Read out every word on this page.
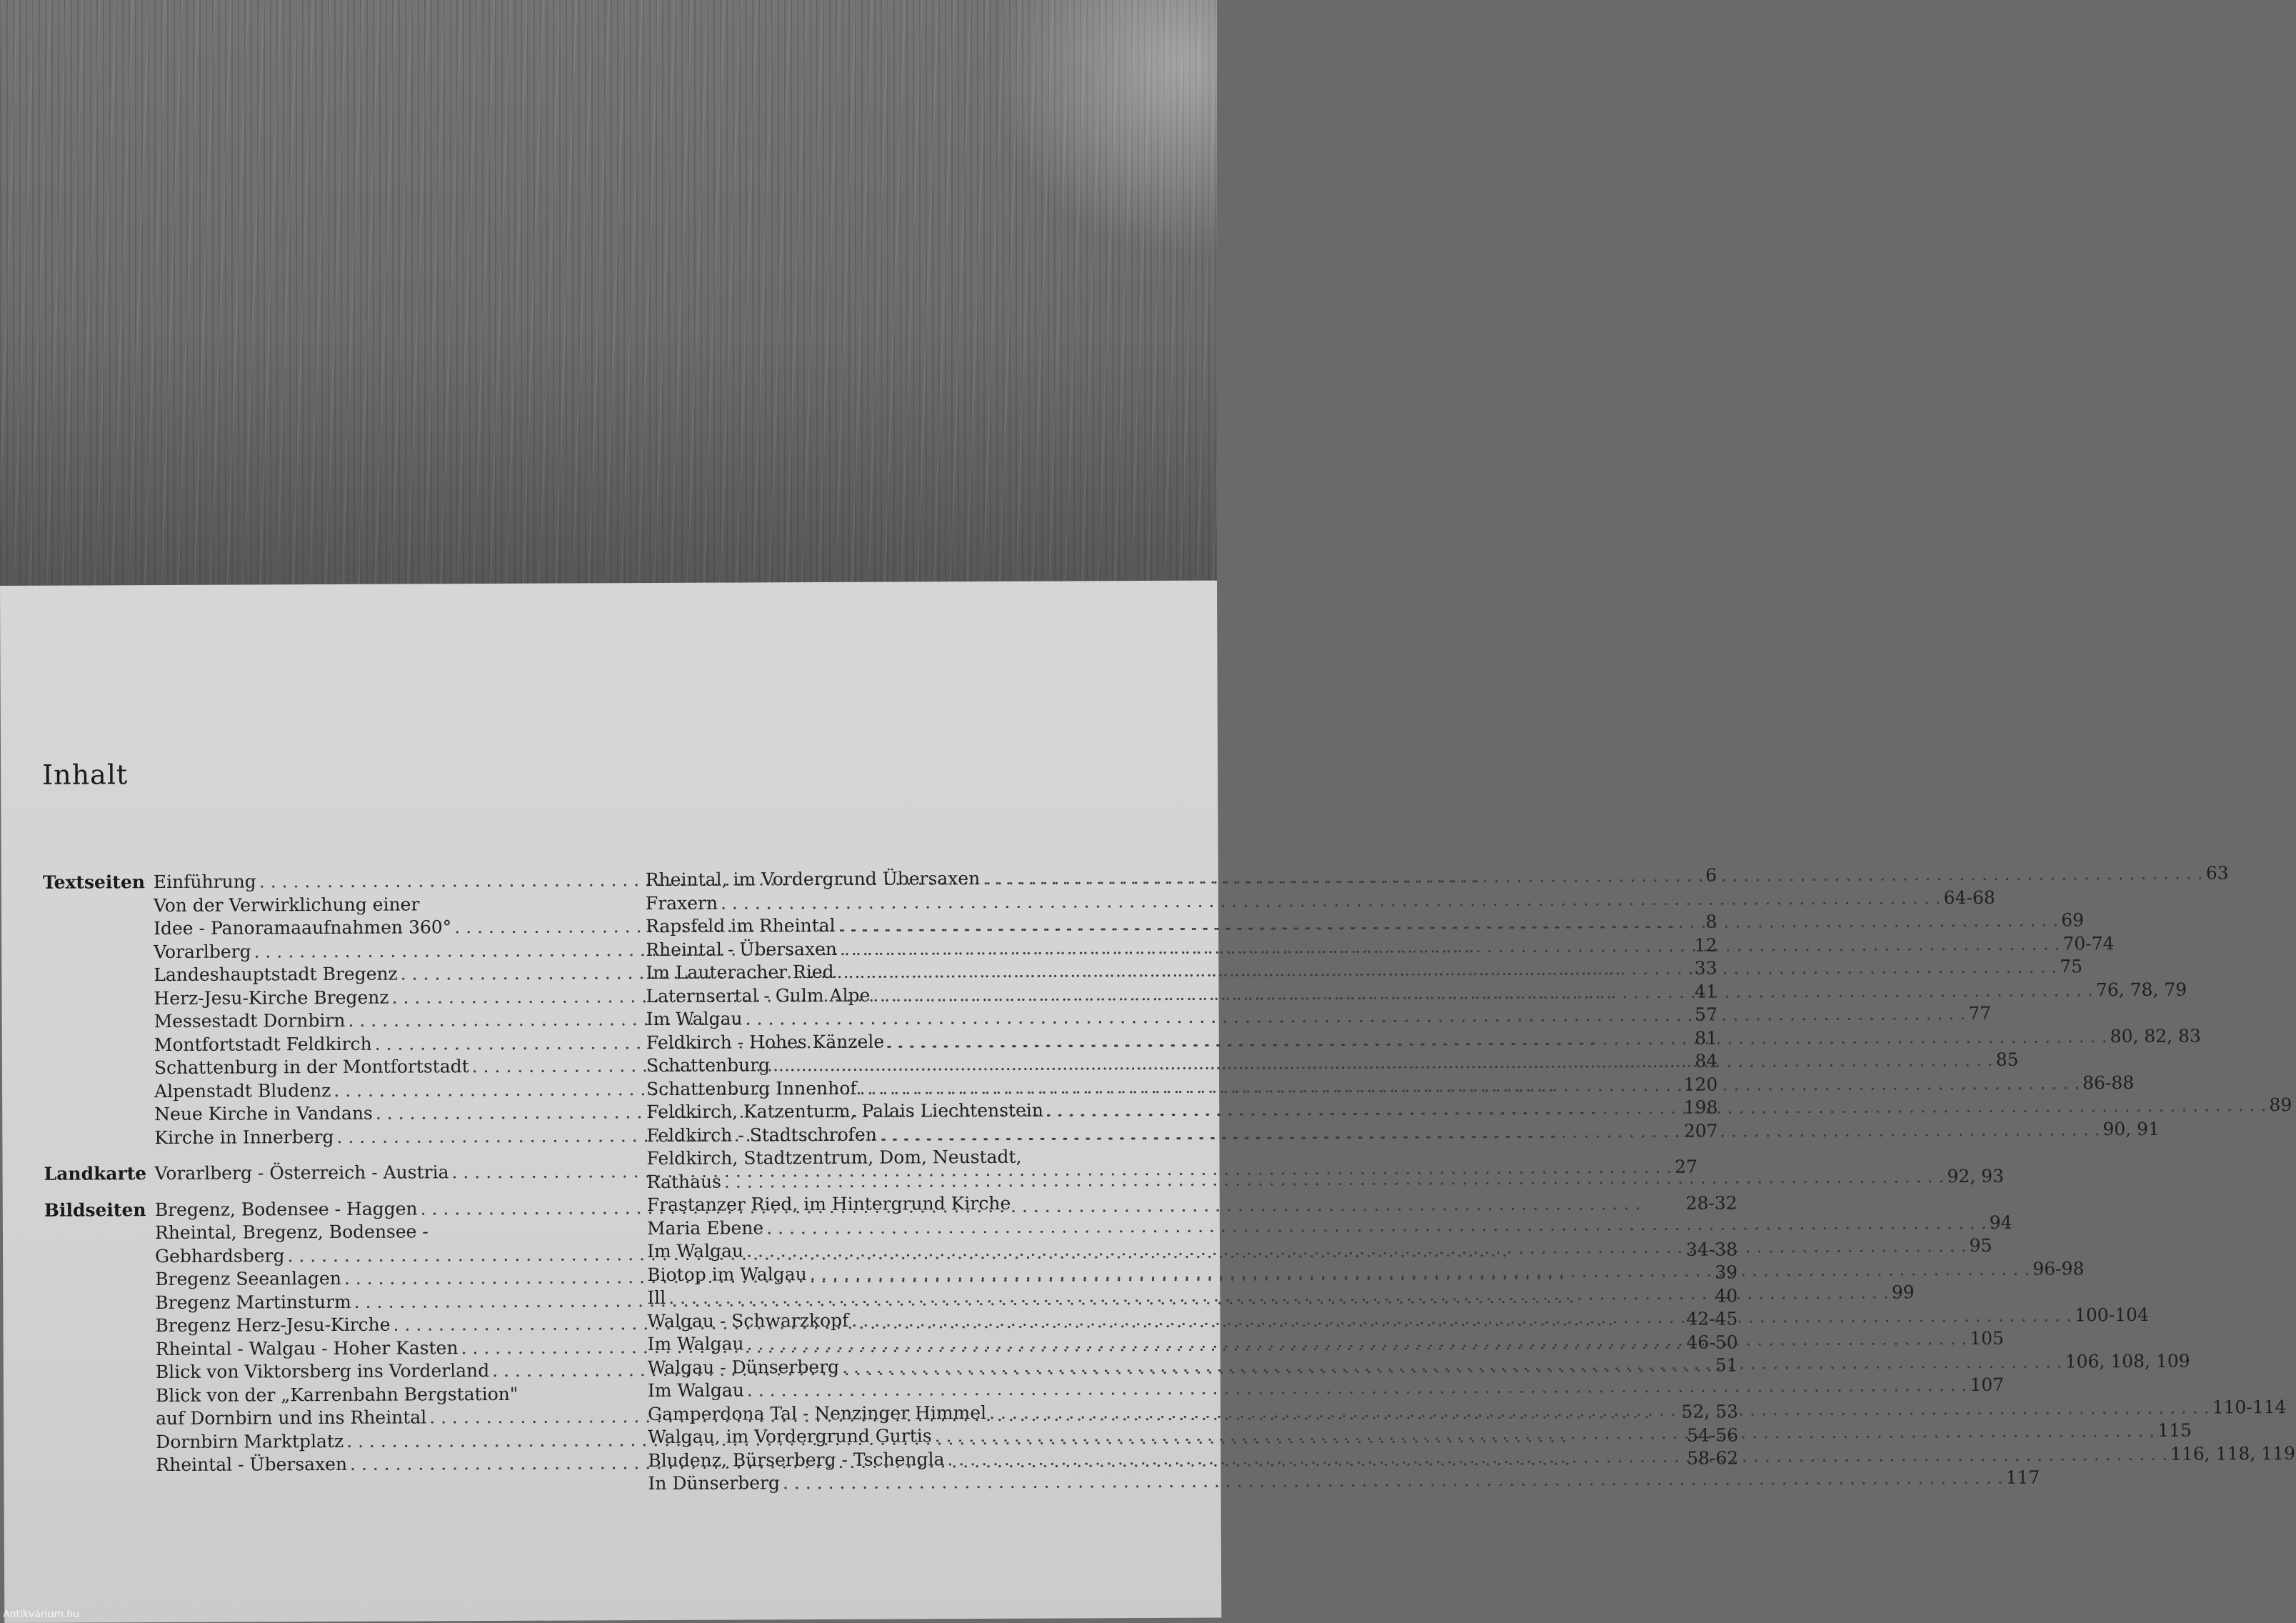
Inhalt
Textseiten Einführung . . .	6
Von der Verwirklichung einer
Idee - Panoramaaufnahmen 360° . . .	8
Vorarlberg . . .	12
Landeshauptstadt Bregenz . . .	33
Herz-Jesu-Kirche Bregenz . . .	41
Messestadt Dornbirn . . .	57
Montfortstadt Feldkirch . . .	81
Schattenburg in der Montfortstadt . . .	84
Alpenstadt Bludenz . . .	120
Neue Kirche in Vandans . . .	198
Kirche in Innerberg . . .	207
Landkarte Vorarlberg - Österreich - Austria . . .	27
Bildseiten Bregenz, Bodensee - Haggen . . .	28-32
Rheintal, Bregenz, Bodensee -
Gebhardsberg . . .	34-38
Bregenz Seeanlagen . . .	39
Bregenz Martinsturm . . .	40
Bregenz Herz-Jesu-Kirche . . .	42-45
Rheintal - Walgau - Hoher Kasten . . .	46-50
Blick von Viktorsberg ins Vorderland . . .	51
Blick von der „Karrenbahn Bergstation"
auf Dornbirn und ins Rheintal . . .	52, 53
Dornbirn Marktplatz . . .	54-56
Rheintal - Übersaxen . . .	58-62
Rheintal, im Vordergrund Übersaxen . . .	63
Fraxern . . .	64-68
Rapsfeld im Rheintal . . .	69
Rheintal - Übersaxen . . .	70-74
Im Lauteracher Ried . . .	75
Laternsertal - Gulm Alpe . . .	76, 78, 79
Im Walgau . . .	77
Feldkirch - Hohes Känzele . . .	80, 82, 83
Schattenburg . . .	85
Schattenburg Innenhof . . .	86-88
Feldkirch, Katzenturm, Palais Liechtenstein . . .	89
Feldkirch - Stadtschrofen . . .	90, 91
Feldkirch, Stadtzentrum, Dom, Neustadt,
Rathaus . . .	92, 93
Frastanzer Ried, im Hintergrund Kirche
Maria Ebene . . .	94
Im Walgau . . .	95
Biotop im Walgau . . .	96-98
Ill . . .	99
Walgau - Schwarzkopf . . .	100-104
Im Walgau . . .	105
Walgau - Dünserberg . . .	106, 108, 109
Im Walgau . . .	107
Gamperdona Tal - Nenzinger Himmel . . .	110-114
Walgau, im Vordergrund Gurtis . . .	115
Bludenz, Bürserberg - Tschengla . . .	116, 118, 119
In Dünserberg . . .	117
Antikvárium.hu
